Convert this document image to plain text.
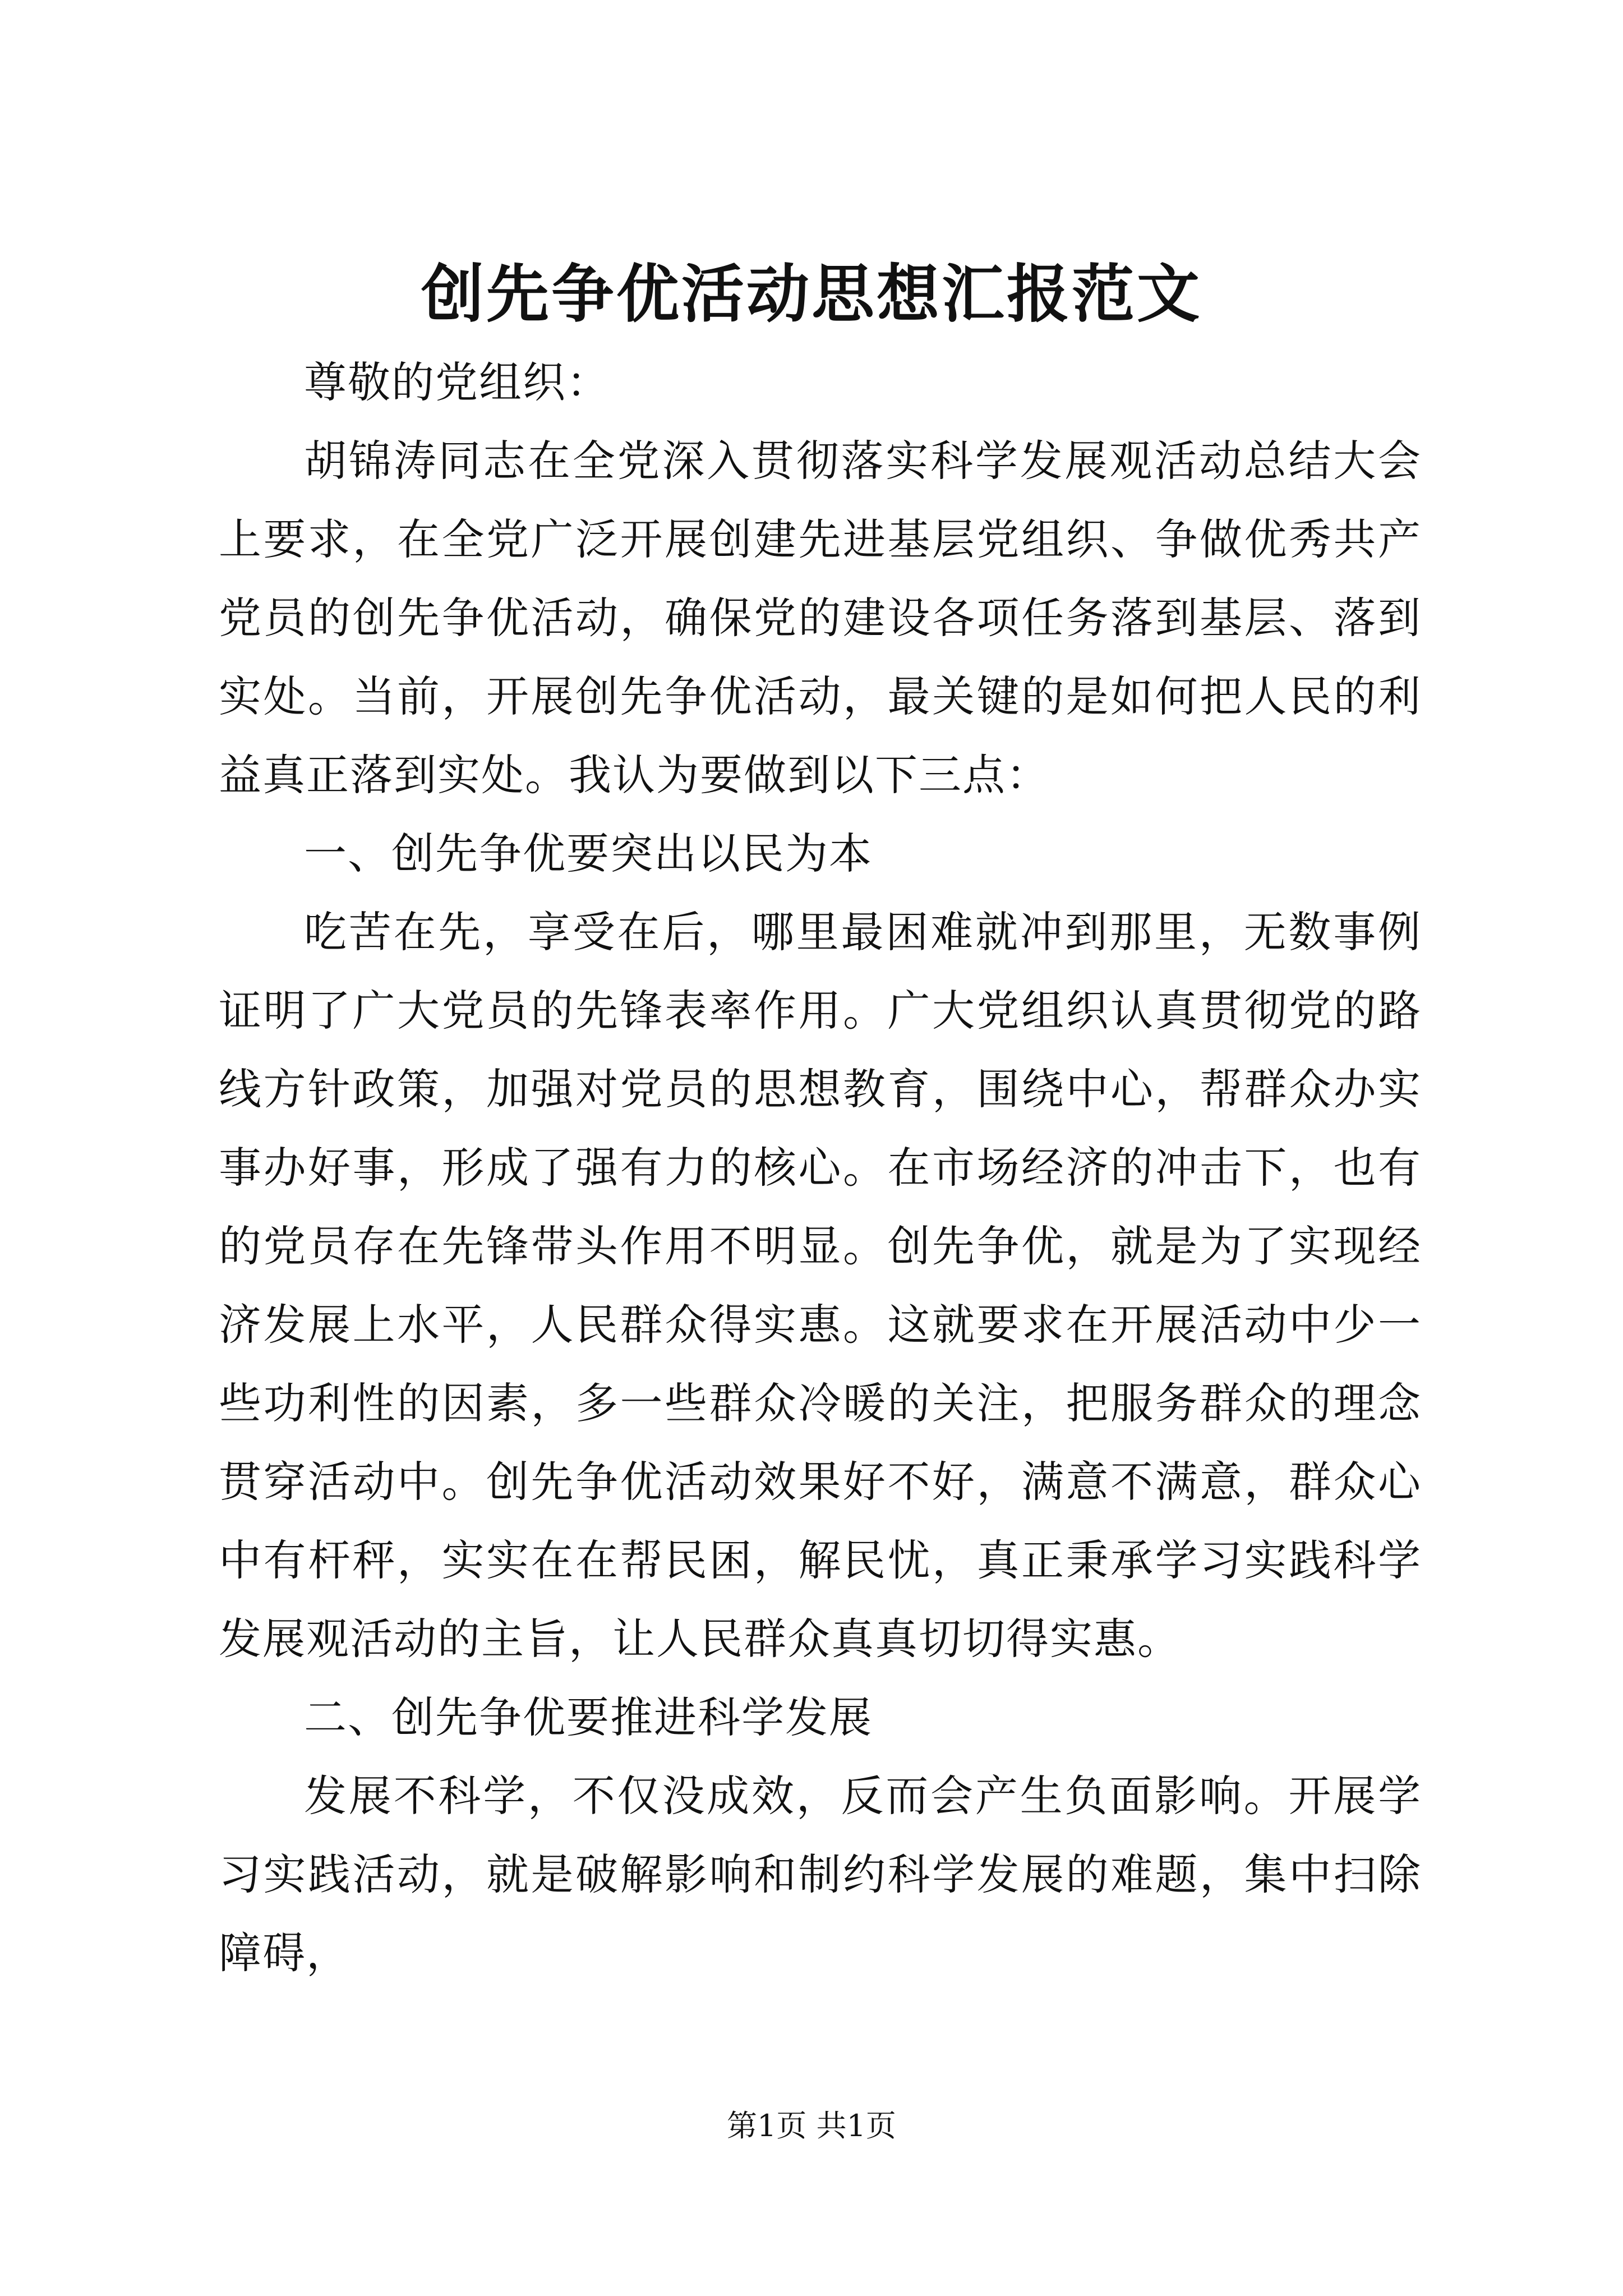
创先争优活动思想汇报范文

尊敬的党组织：

胡锦涛同志在全党深入贯彻落实科学发展观活动总结大会上要求，在全党广泛开展创建先进基层党组织、争做优秀共产党员的创先争优活动，确保党的建设各项任务落到基层、落到实处。当前，开展创先争优活动，最关键的是如何把人民的利益真正落到实处。我认为要做到以下三点：

一、创先争优要突出以民为本

吃苦在先，享受在后，哪里最困难就冲到那里，无数事例证明了广大党员的先锋表率作用。广大党组织认真贯彻党的路线方针政策，加强对党员的思想教育，围绕中心，帮群众办实事办好事，形成了强有力的核心。在市场经济的冲击下，也有的党员存在先锋带头作用不明显。创先争优，就是为了实现经济发展上水平，人民群众得实惠。这就要求在开展活动中少一些功利性的因素，多一些群众冷暖的关注，把服务群众的理念贯穿活动中。创先争优活动效果好不好，满意不满意，群众心中有杆秤，实实在在帮民困，解民忧，真正秉承学习实践科学发展观活动的主旨，让人民群众真真切切得实惠。

二、创先争优要推进科学发展

发展不科学，不仅没成效，反而会产生负面影响。开展学习实践活动，就是破解影响和制约科学发展的难题，集中扫除障碍，

第1页 共1页
